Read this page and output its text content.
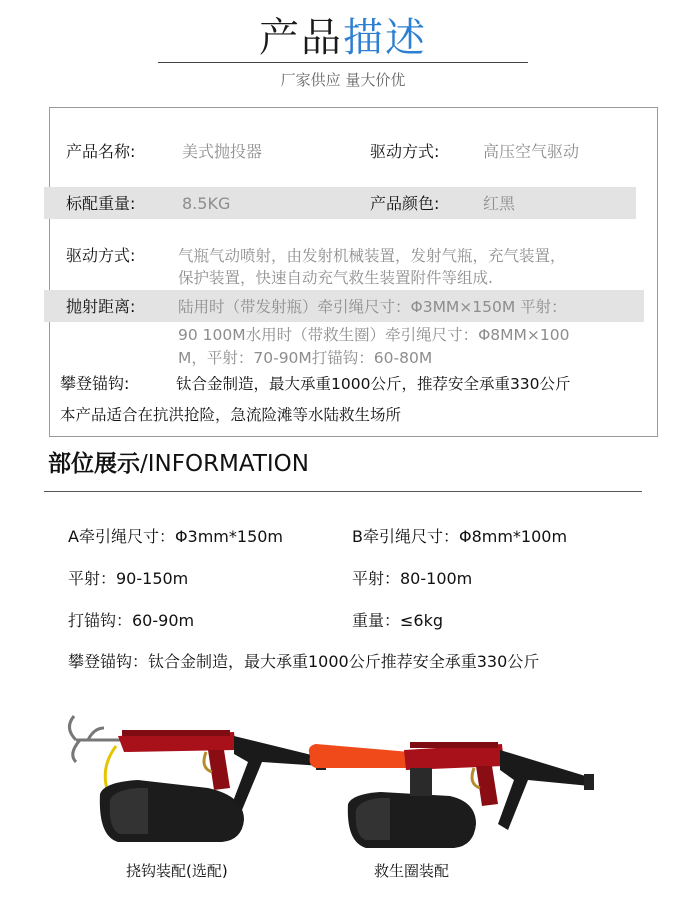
产品描述
厂家供应 量大价优
产品名称:	美式抛投器	驱动方式:	高压空气驱动
标配重量:	8.5KG	产品颜色:	红黑
驱动方式:	气瓶气动喷射，由发射机械装置，发射气瓶，充气装置，
保护装置，快速自动充气救生装置附件等组成.
抛射距离:	陆用时（带发射瓶）牵引绳尺寸：Φ3MM×150M 平射：
90 100M水用时（带救生圈）牵引绳尺寸：Φ8MM×100
M，平射：70-90M打锚钩：60-80M
攀登锚钩:	钛合金制造，最大承重1000公斤，推荐安全承重330公斤
本产品适合在抗洪抢险，急流险滩等水陆救生场所
部位展示/INFORMATION
A牵引绳尺寸：Φ3mm*150m	B牵引绳尺寸：Φ8mm*100m
平射：90-150m	平射：80-100m
打锚钩：60-90m	重量：≤6kg
攀登锚钩：钛合金制造，最大承重1000公斤推荐安全承重330公斤
挠钩装配(选配)	救生圈装配
